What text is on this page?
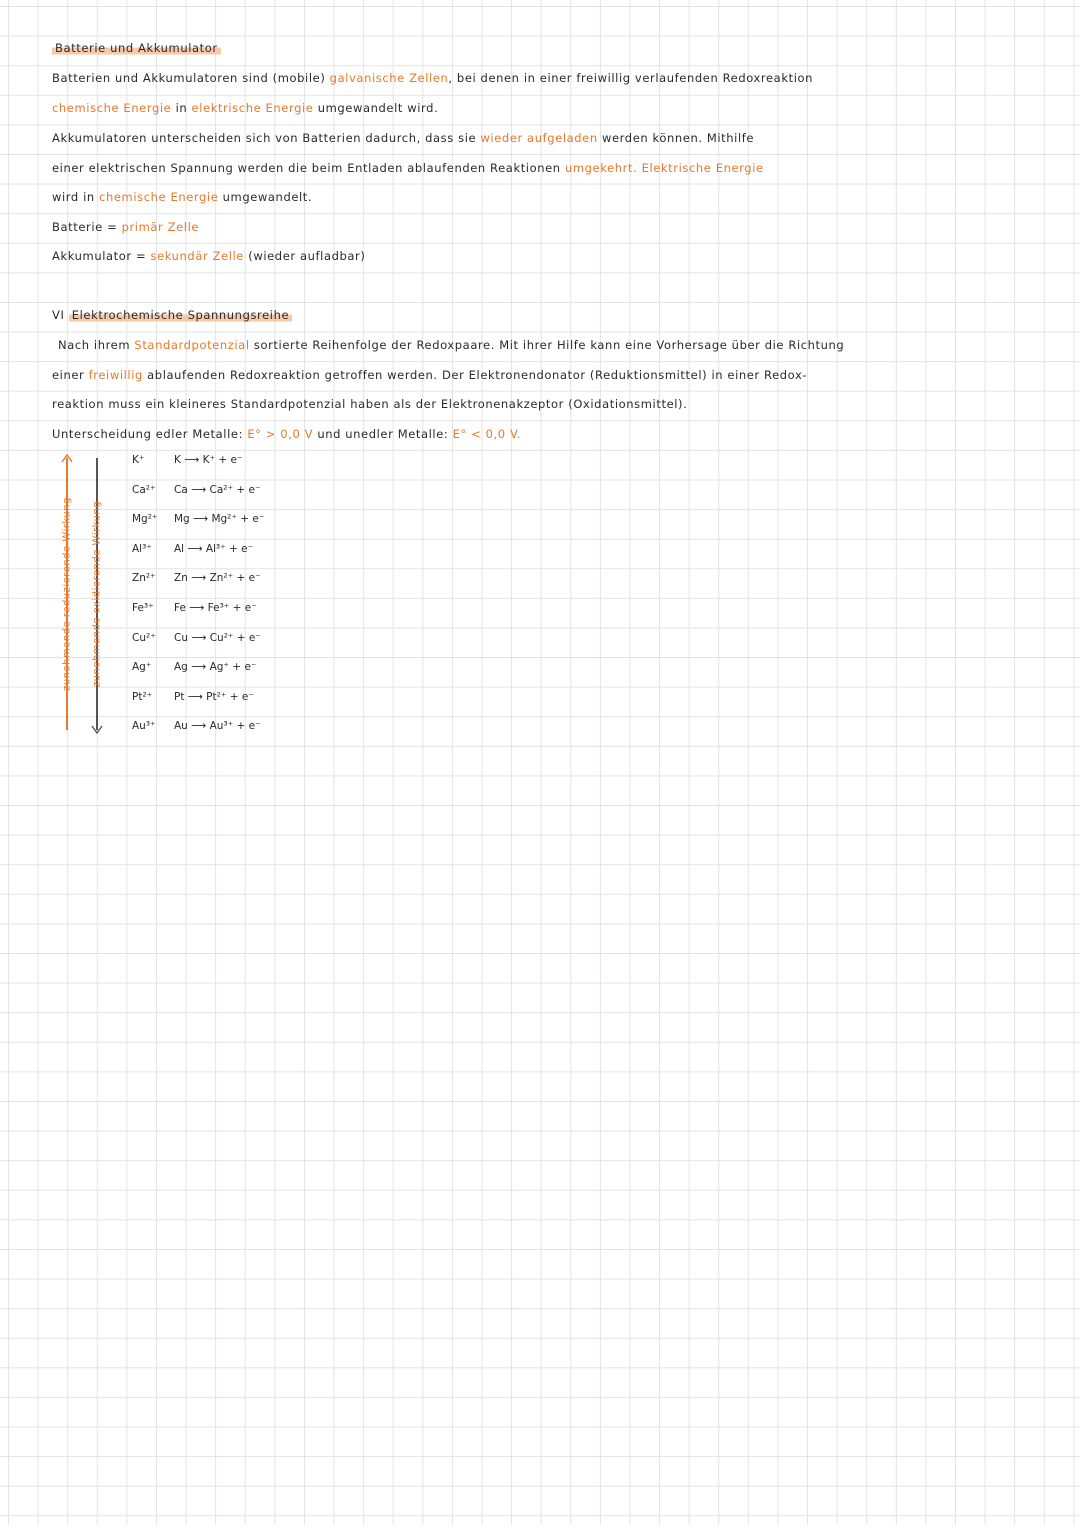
Batterie und Akkumulator
Batterien und Akkumulatoren sind (mobile) galvanische Zellen, bei denen in einer freiwillig verlaufenden Redoxreaktion
chemische Energie in elektrische Energie umgewandelt wird.
Akkumulatoren unterscheiden sich von Batterien dadurch, dass sie wieder aufgeladen werden können. Mithilfe
einer elektrischen Spannung werden die beim Entladen ablaufenden Reaktionen umgekehrt. Elektrische Energie
wird in chemische Energie umgewandelt.
Batterie = primär Zelle
Akkumulator = sekundär Zelle (wieder aufladbar)
VI Elektrochemische Spannungsreihe
Nach ihrem Standardpotenzial sortierte Reihenfolge der Redoxpaare. Mit ihrer Hilfe kann eine Vorhersage über die Richtung
einer freiwillig ablaufenden Redoxreaktion getroffen werden. Der Elektronendonator (Reduktionsmittel) in einer Redox-
reaktion muss ein kleineres Standardpotenzial haben als der Elektronenakzeptor (Oxidationsmittel).
Unterscheidung edler Metalle: E° > 0,0 V und unedler Metalle: E° < 0,0 V.
zunehmende reduzierende Wirkung zunehmende oxidierende Wirkung
K⁺	K ⟶ K⁺ + e⁻
Ca²⁺ Ca ⟶ Ca²⁺ + e⁻
Mg²⁺ Mg ⟶ Mg²⁺ + e⁻
Al³⁺ Al ⟶ Al³⁺ + e⁻
Zn²⁺ Zn ⟶ Zn²⁺ + e⁻
Fe³⁺ Fe ⟶ Fe³⁺ + e⁻
Cu²⁺ Cu ⟶ Cu²⁺ + e⁻
Ag⁺ Ag ⟶ Ag⁺ + e⁻
Pt²⁺ Pt ⟶ Pt²⁺ + e⁻
Au³⁺ Au ⟶ Au³⁺ + e⁻
